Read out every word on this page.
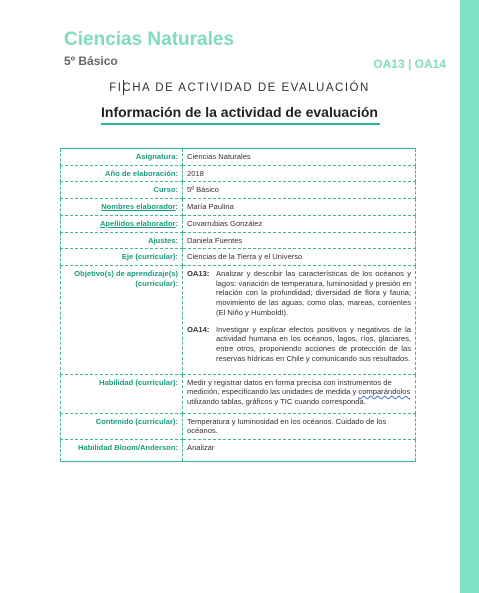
Ciencias Naturales
5º Básico	OA13 | OA14
FICHA DE ACTIVIDAD DE EVALUACIÓN
Información de la actividad de evaluación
Asignatura:	Ciencias Naturales
Año de elaboración:	2018
Curso:	5º Básico
Nombres elaborador:	María Paulina
Apellidos elaborador:	Covarrubias González
Ajustes:	Daniela Fuentes
Eje (curricular):	Ciencias de la Tierra y el Universo
Objetivo(s) de aprendizaje(s) (curricular):	OA13: Analizar y describir las características de los océanos y lagos: variación de temperatura, luminosidad y presión en relación con la profundidad; diversidad de flora y fauna; movimiento de las aguas, como olas, mareas, corrientes (El Niño y Humboldt).
OA14: Investigar y explicar efectos positivos y negativos de la actividad humana en los océanos, lagos, ríos, glaciares, entre otros, proponiendo acciones de protección de las reservas hídricas en Chile y comunicando sus resultados.

Habilidad (curricular):	Medir y registrar datos en forma precisa con instrumentos de medición, especificando las unidades de medida y comparándolos utilizando tablas, gráficos y TIC cuando corresponda.
Contenido (curricular):	Temperatura y luminosidad en los océanos. Cuidado de los océanos.
Habilidad Bloom/Anderson:	Analizar
